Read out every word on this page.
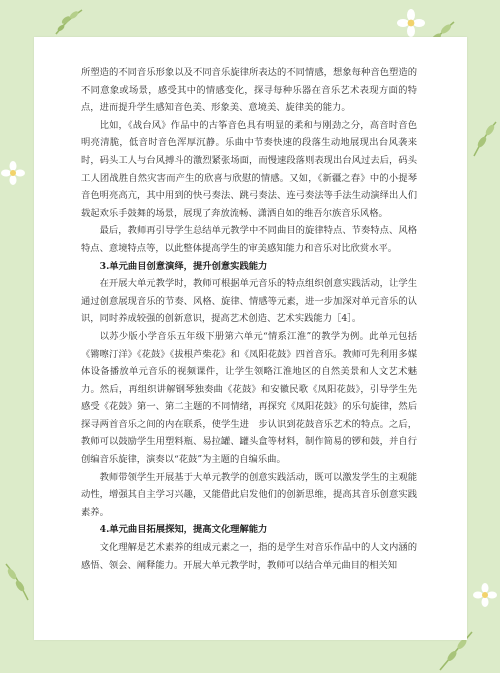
所塑造的不同音乐形象以及不同音乐旋律所表达的不同情感，想象每种音色塑造的不同意象或场景，感受其中的情感变化，探寻每种乐器在音乐艺术表现方面的特点，进而提升学生感知音色美、形象美、意境美、旋律美的能力。

比如，《战台风》作品中的古筝音色具有明显的柔和与刚劲之分，高音时音色明亮清脆，低音时音色浑厚沉静。乐曲中节奏快速的段落生动地展现出台风袭来时，码头工人与台风搏斗的激烈紧张场面，而慢速段落则表现出台风过去后，码头工人团战胜自然灾害而产生的欣喜与欣慰的情感。又如，《新疆之春》中的小提琴音色明亮高亢，其中用到的快弓奏法、跳弓奏法、连弓奏法等手法生动演绎出人们载起欢乐手鼓舞的场景，展现了奔放流畅、潇洒自如的维吾尔族音乐风格。

最后，教师再引导学生总结单元教学中不同曲目的旋律特点、节奏特点、风格特点、意境特点等，以此整体提高学生的审美感知能力和音乐对比欣赏水平。

3.单元曲目创意演绎，提升创意实践能力

在开展大单元教学时，教师可根据单元音乐的特点组织创意实践活动，让学生通过创意展现音乐的节奏、风格、旋律、情感等元素，进一步加深对单元音乐的认识，同时养成较强的创新意识，提高艺术创造、艺术实践能力［4］。

以苏少版小学音乐五年级下册第六单元“情系江淮”的教学为例。此单元包括《锵嚓汀洋》《花鼓》《拔根芦柴花》和《凤阳花鼓》四首音乐。教师可先利用多媒体设备播放单元音乐的视频课件，让学生领略江淮地区的自然美景和人文艺术魅力。然后，再组织讲解钢琴独奏曲《花鼓》和安徽民歌《凤阳花鼓》，引导学生先感受《花鼓》第一、第二主题的不同情绪，再探究《凤阳花鼓》的乐句旋律，然后探寻两首音乐之间的内在联系，使学生进　步认识到花鼓音乐艺术的特点。之后，教师可以鼓励学生用塑料瓶、易拉罐、罐头盒等材料，制作简易的锣和鼓，并自行创编音乐旋律，演奏以“花鼓”为主题的自编乐曲。

教师带领学生开展基于大单元教学的创意实践活动，既可以激发学生的主观能动性，增强其自主学习兴趣，又能借此启发他们的创新思维，提高其音乐创意实践素养。

4.单元曲目拓展探知，提高文化理解能力

文化理解是艺术素养的组成元素之一，指的是学生对音乐作品中的人文内涵的感悟、领会、阐释能力。开展大单元教学时，教师可以结合单元曲目的相关知
